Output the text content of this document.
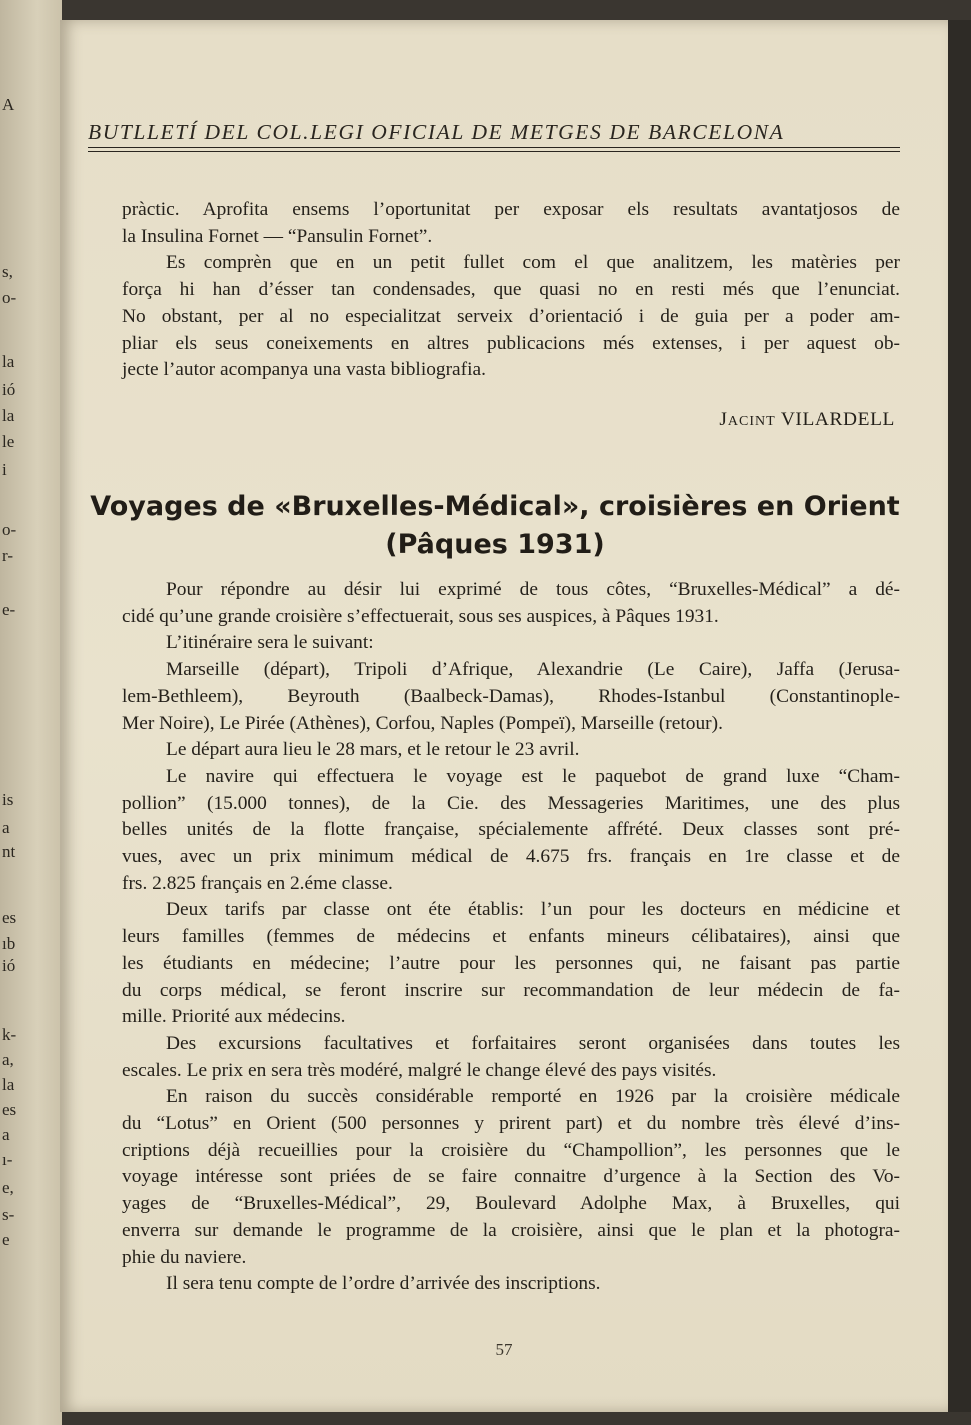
A
s,
o-
la
ió
la
le
i
o-
r-
e-
is
a
nt
es
ıb
ió
k-
a,
la
es
a
ı-
e,
s-
e
BUTLLETÍ DEL COL.LEGI OFICIAL DE METGES DE BARCELONA
pràctic. Aprofita ensems l’oportunitat per exposar els resultats avantatjosos de
la Insulina Fornet — “Pansulin Fornet”.
Es comprèn que en un petit fullet com el que analitzem, les matèries per
força hi han d’ésser tan condensades, que quasi no en resti més que l’enunciat.
No obstant, per al no especialitzat serveix d’orientació i de guia per a poder am-
pliar els seus coneixements en altres publicacions més extenses, i per aquest ob-
jecte l’autor acompanya una vasta bibliografia.
Jacint VILARDELL
Voyages de «Bruxelles-Médical», croisières en Orient
(Pâques 1931)
Pour répondre au désir lui exprimé de tous côtes, “Bruxelles-Médical” a dé-
cidé qu’une grande croisière s’effectuerait, sous ses auspices, à Pâques 1931.
L’itinéraire sera le suivant:
Marseille (départ), Tripoli d’Afrique, Alexandrie (Le Caire), Jaffa (Jerusa-
lem-Bethleem), Beyrouth (Baalbeck-Damas), Rhodes-Istanbul (Constantinople-
Mer Noire), Le Pirée (Athènes), Corfou, Naples (Pompeï), Marseille (retour).
Le départ aura lieu le 28 mars, et le retour le 23 avril.
Le navire qui effectuera le voyage est le paquebot de grand luxe “Cham-
pollion” (15.000 tonnes), de la Cie. des Messageries Maritimes, une des plus
belles unités de la flotte française, spécialemente affrété. Deux classes sont pré-
vues, avec un prix minimum médical de 4.675 frs. français en 1re classe et de
frs. 2.825 français en 2.éme classe.
Deux tarifs par classe ont éte établis: l’un pour les docteurs en médicine et
leurs familles (femmes de médecins et enfants mineurs célibataires), ainsi que
les étudiants en médecine; l’autre pour les personnes qui, ne faisant pas partie
du corps médical, se feront inscrire sur recommandation de leur médecin de fa-
mille. Priorité aux médecins.
Des excursions facultatives et forfaitaires seront organisées dans toutes les
escales. Le prix en sera très modéré, malgré le change élevé des pays visités.
En raison du succès considérable remporté en 1926 par la croisière médicale
du “Lotus” en Orient (500 personnes y prirent part) et du nombre très élevé d’ins-
criptions déjà recueillies pour la croisière du “Champollion”, les personnes que le
voyage intéresse sont priées de se faire connaitre d’urgence à la Section des Vo-
yages de “Bruxelles-Médical”, 29, Boulevard Adolphe Max, à Bruxelles, qui
enverra sur demande le programme de la croisière, ainsi que le plan et la photogra-
phie du naviere.
Il sera tenu compte de l’ordre d’arrivée des inscriptions.
57
